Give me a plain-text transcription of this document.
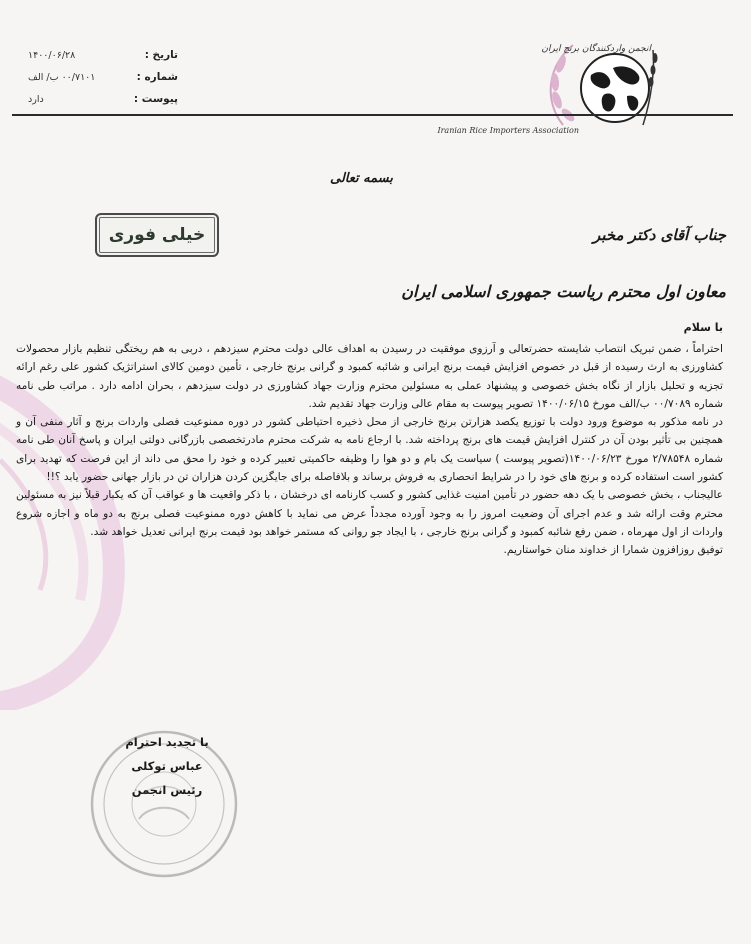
تاریخ :
۱۴۰۰/۰۶/۲۸
شماره :
۰۰/۷۱۰۱ ب/ الف
پیوست :
دارد
انجمن واردکنندگان برنج ایران
Iranian Rice Importers Association
بسمه تعالی
خیلی فوری	جناب آقای دکتر مخبر
معاون اول محترم ریاست جمهوری اسلامی ایران
با سلام

احتراماً ، ضمن تبریک انتصاب شایسته حضرتعالی و آرزوی موفقیت در رسیدن به اهداف عالی دولت محترم سیزدهم ، دربی به هم ریختگی تنظیم بازار محصولات کشاورزی به ارث رسیده از قبل در خصوص افزایش قیمت برنج ایرانی و شائبه کمبود و گرانی برنج خارجی ، تأمین دومین کالای استراتژیک کشور علی رغم ارائه تجزیه و تحلیل بازار از نگاه بخش خصوصی و پیشنهاد عملی به مسئولین محترم وزارت جهاد کشاورزی در دولت سیزدهم ، بحران ادامه دارد . مراتب طی نامه شماره ۰۰/۷۰۸۹ ب/الف مورخ ۱۴۰۰/۰۶/۱۵ تصویر پیوست به مقام عالی وزارت جهاد تقدیم شد.

در نامه مذکور به موضوع ورود دولت با توزیع یکصد هزارتن برنج خارجی از محل ذخیره احتیاطی کشور در دوره ممنوعیت فصلی واردات برنج و آثار منفی آن و همچنین بی تأثیر بودن آن در کنترل افزایش قیمت های برنج پرداخته شد. با ارجاع نامه به شرکت محترم مادرتخصصی بازرگانی دولتی ایران و پاسخ آنان طی نامه شماره ۲/۷۸۵۴۸ مورخ ۱۴۰۰/۰۶/۲۳(تصویر پیوست ) سیاست یک بام و دو هوا را وظیفه حاکمیتی تعبیر کرده و خود را محق می داند از این فرصت که تهدید برای کشور است استفاده کرده و برنج های خود را در شرایط انحصاری به فروش برساند و بلافاصله برای جایگزین کردن هزاران تن در بازار جهانی حضور یابد ؟!!

عالیجناب ، بخش خصوصی با یک دهه حضور در تأمین امنیت غذایی کشور و کسب کارنامه ای درخشان ، با ذکر واقعیت ها و عواقب آن که یکبار قبلاً نیز به مسئولین محترم وقت ارائه شد و عدم اجرای آن وضعیت امروز را به وجود آورده مجدداً عرض می نماید با کاهش دوره ممنوعیت فصلی برنج به دو ماه و اجازه شروع واردات از اول مهرماه ، ضمن رفع شائبه کمبود و گرانی برنج خارجی ، با ایجاد جو روانی که مستمر خواهد بود قیمت برنج ایرانی تعدیل خواهد شد.

توفیق روزافزون شمارا از خداوند منان خواستاریم.

با تجدید احترام
عباس توکلی
رئیس انجمن
